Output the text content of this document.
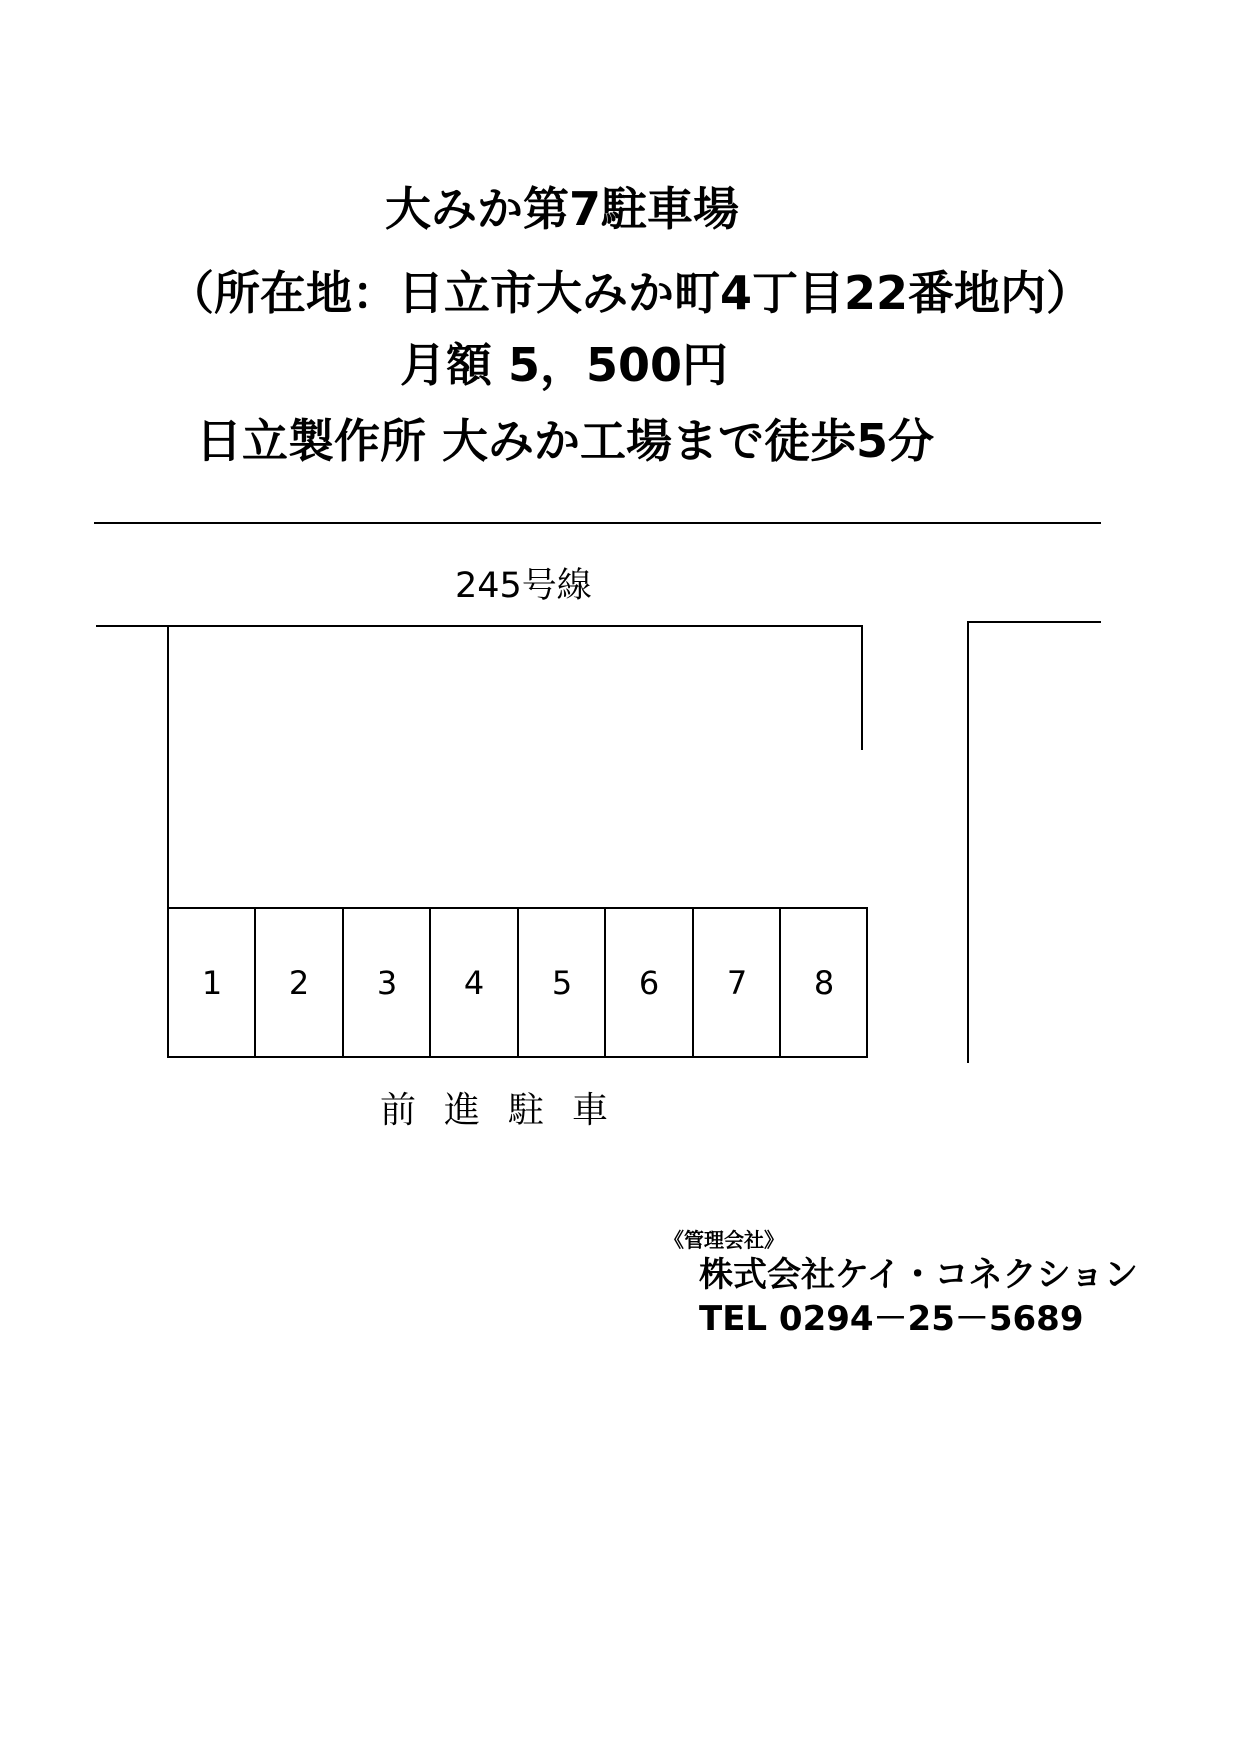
大みか第7駐車場
（所在地：日立市大みか町4丁目22番地内）
月額 5，500円
日立製作所 大みか工場まで徒歩5分
245号線
1	2	3	4	5	6	7	8
前進駐車
《管理会社》
株式会社ケイ・コネクション
TEL 0294－25－5689
